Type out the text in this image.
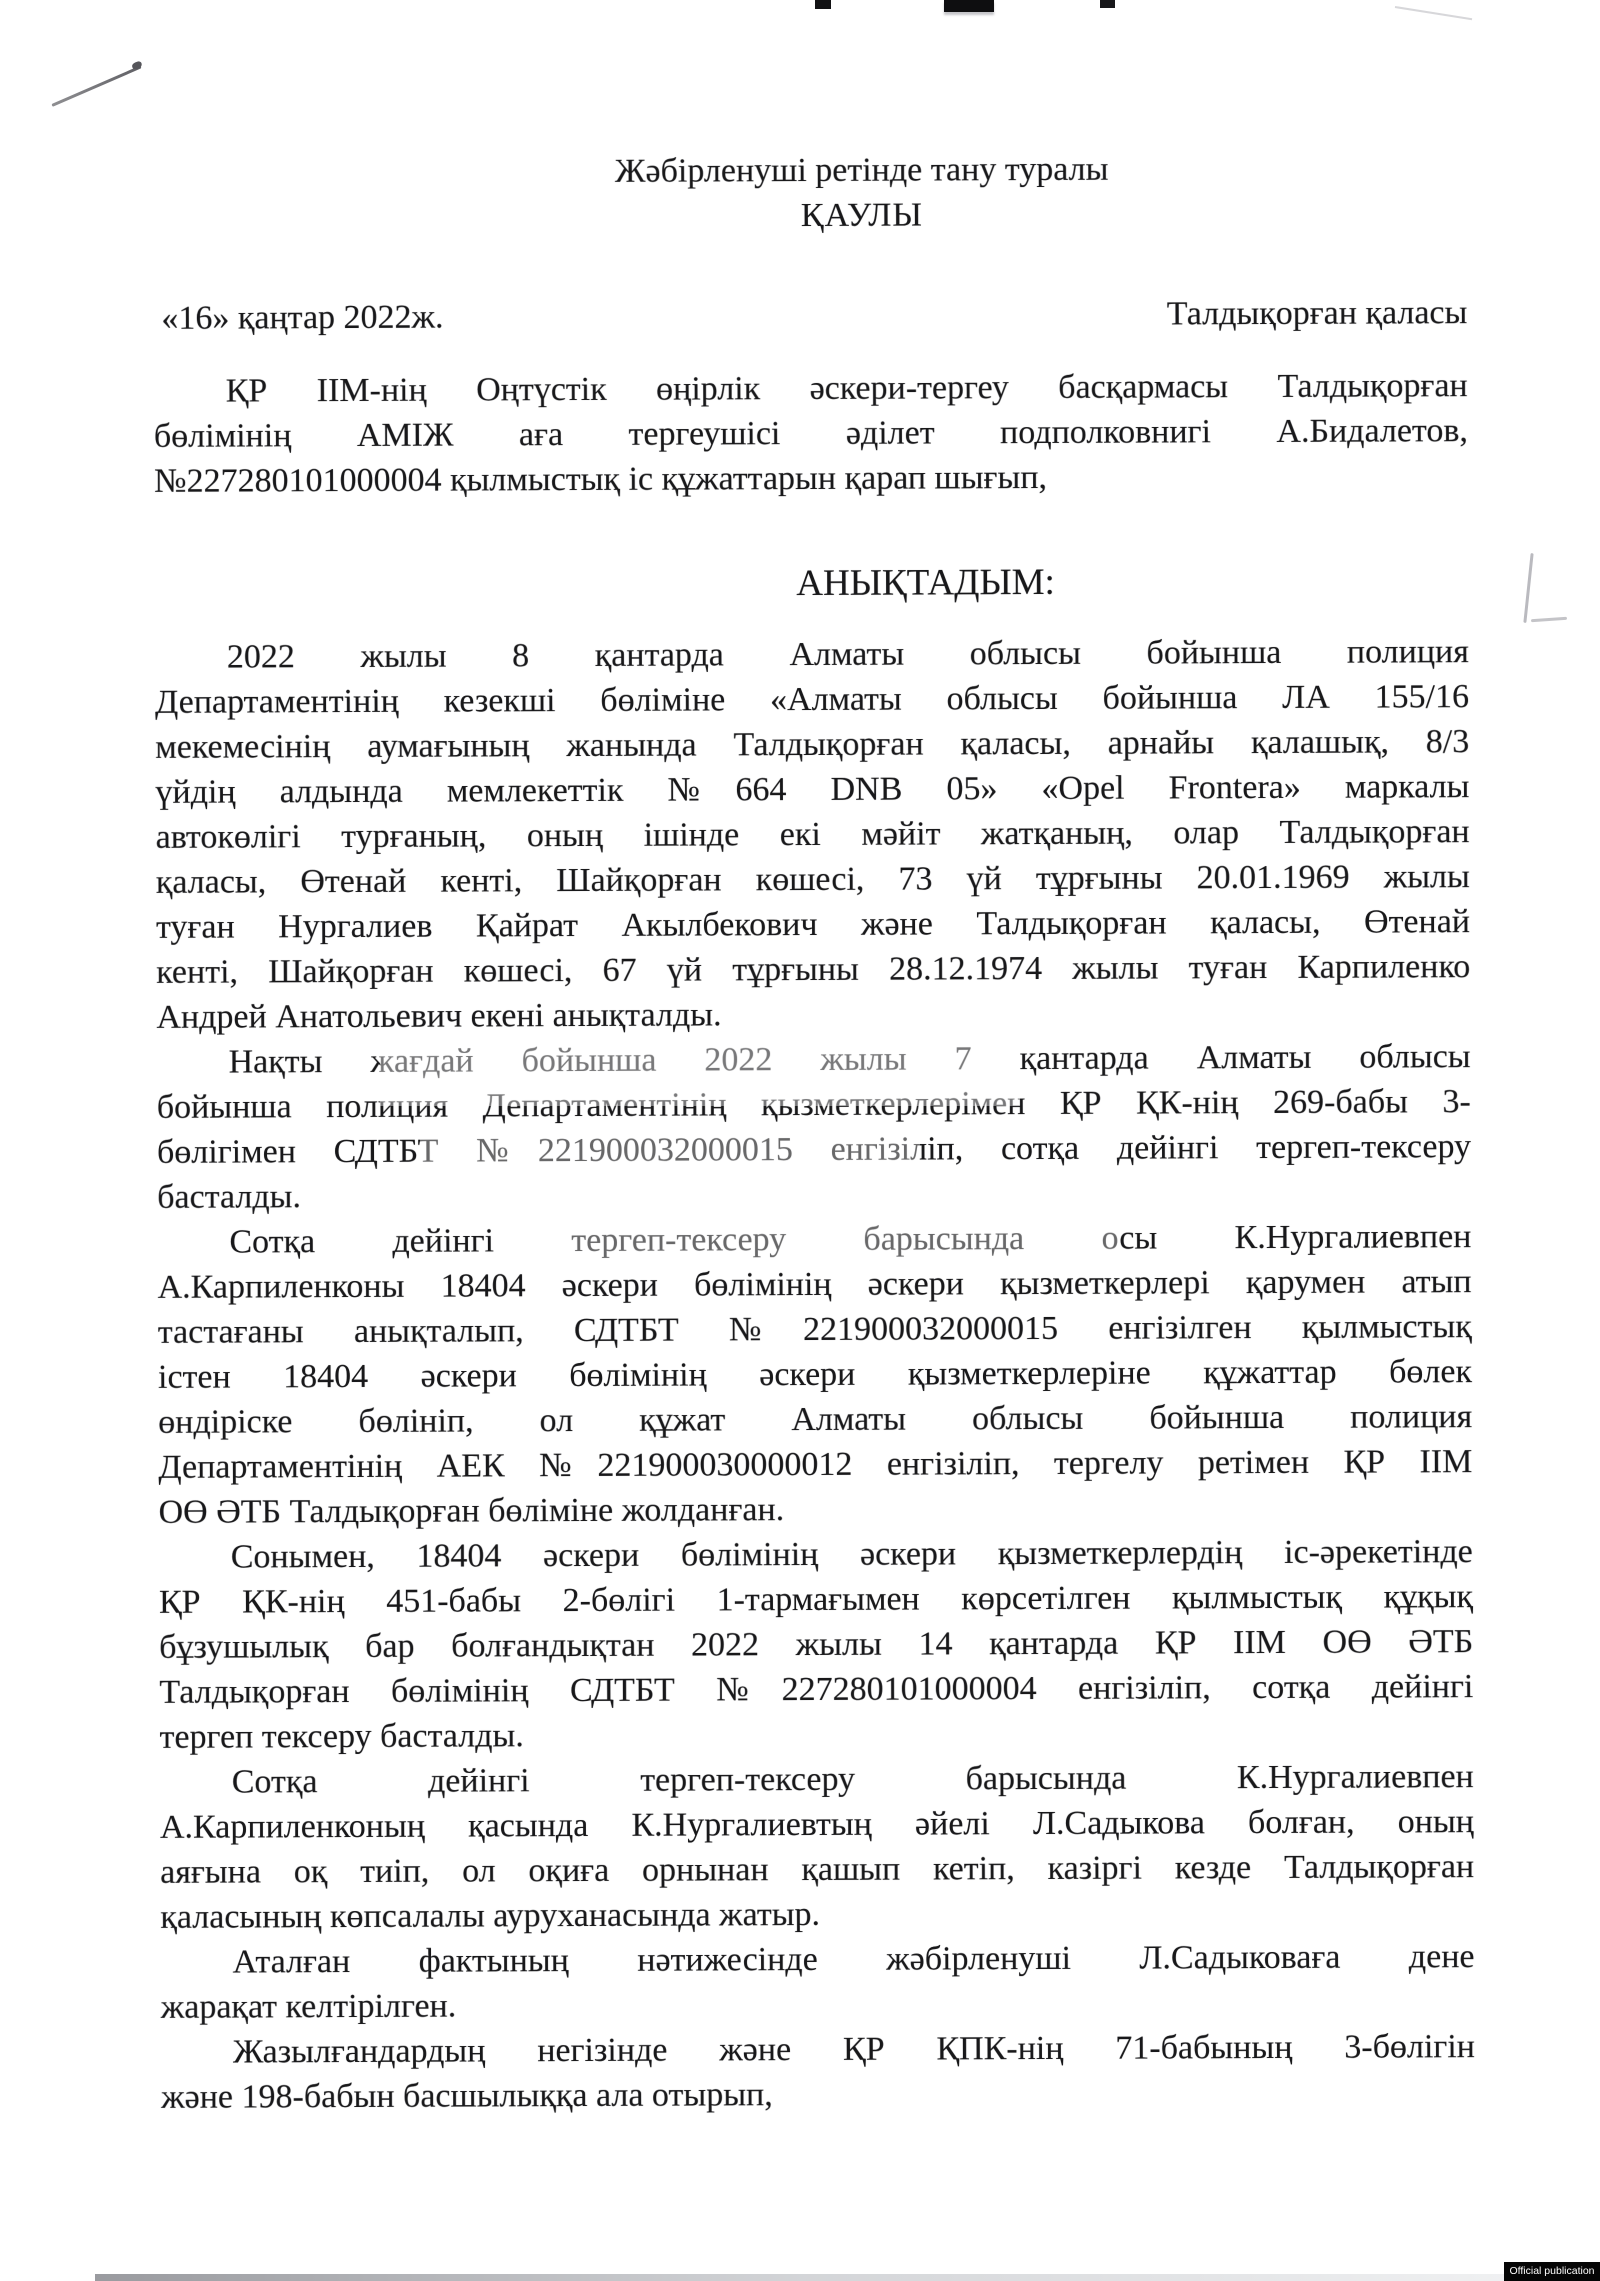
Жәбірленуші ретінде тану туралы
ҚАУЛЫ
«16» қаңтар 2022ж.	Талдықорған қаласы
ҚР ІІМ-нің Оңтүстік өңірлік әскери-тергеу басқармасы Талдықорған
бөлімінің АМІЖ аға тергеушісі әділет подполковнигі А.Бидалетов,
№227280101000004 қылмыстық іс құжаттарын қарап шығып,
АНЫҚТАДЫМ:
2022 жылы 8 қантарда Алматы облысы бойынша полиция
Департаментінің кезекші бөліміне «Алматы облысы бойынша ЛА 155/16
мекемесінің аумағының жанында Талдықорған қаласы, арнайы қалашық, 8/3
үйдің алдында мемлекеттік №664 DNB 05» «Opel Frontera» маркалы
автокөлігі турғаның, оның ішінде екі мәйіт жатқаның, олар Талдықорған
қаласы, Өтенай кенті, Шайқорған көшесі, 73 үй тұрғыны 20.01.1969 жылы
туған Нургалиев Қайрат Акылбекович және Талдықорған қаласы, Өтенай
кенті, Шайқорған көшесі, 67 үй тұрғыны 28.12.1974 жылы туған Карпиленко
Андрей Анатольевич екені анықталды.
Нақты жағдай бойынша 2022 жылы 7 қантарда Алматы облысы
бойынша полиция Департаментінің қызметкерлерімен ҚР ҚК-нің 269-бабы 3-
бөлігімен СДТБТ №221900032000015 енгізіліп, сотқа дейінгі тергеп-тексеру
басталды.
Сотқа дейінгі тергеп-тексеру барысында осы К.Нургалиевпен
А.Карпиленконы 18404 әскери бөлімінің әскери қызметкерлері қарумен атып
тастағаны анықталып, СДТБТ №221900032000015 енгізілген қылмыстық
істен 18404 әскери бөлімінің әскери қызметкерлеріне құжаттар бөлек
өндіріске бөлініп, ол құжат Алматы облысы бойынша полиция
Департаментінің АЕК №221900030000012 енгізіліп, тергелу ретімен ҚР ІІМ
ОӨ ӘТБ Талдықорған бөліміне жолданған.
Сонымен, 18404 әскери бөлімінің әскери қызметкерлердің іс-әрекетінде
ҚР ҚК-нің 451-бабы 2-бөлігі 1-тармағымен көрсетілген қылмыстық құқық
бұзушылық бар болғандықтан 2022 жылы 14 қантарда ҚР ІІМ ОӨ ӘТБ
Талдықорған бөлімінің СДТБТ №227280101000004 енгізіліп, сотқа дейінгі
тергеп тексеру басталды.
Сотқа дейінгі тергеп-тексеру барысында К.Нургалиевпен
А.Карпиленконың қасында К.Нургалиевтың әйелі Л.Садыкова болған, оның
аяғына оқ тиіп, ол оқиға орнынан қашып кетіп, казіргі кезде Талдықорған
қаласының көпсалалы ауруханасында жатыр.
Аталған фактының нәтижесінде жәбірленуші Л.Садыковаға дене
жарақат келтірілген.
Жазылғандардың негізінде және ҚР ҚПК-нің 71-бабының 3-бөлігін
және 198-бабын басшылыққа ала отырып,
Official publication
